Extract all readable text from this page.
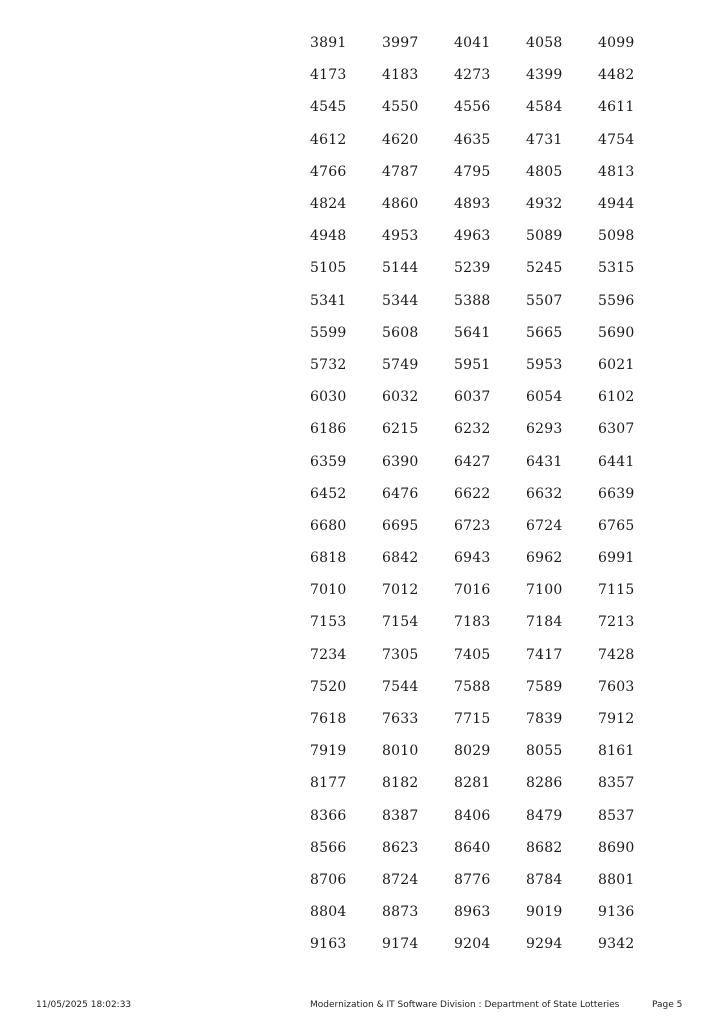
3891	3997	4041	4058	4099
4173	4183	4273	4399	4482
4545	4550	4556	4584	4611
4612	4620	4635	4731	4754
4766	4787	4795	4805	4813
4824	4860	4893	4932	4944
4948	4953	4963	5089	5098
5105	5144	5239	5245	5315
5341	5344	5388	5507	5596
5599	5608	5641	5665	5690
5732	5749	5951	5953	6021
6030	6032	6037	6054	6102
6186	6215	6232	6293	6307
6359	6390	6427	6431	6441
6452	6476	6622	6632	6639
6680	6695	6723	6724	6765
6818	6842	6943	6962	6991
7010	7012	7016	7100	7115
7153	7154	7183	7184	7213
7234	7305	7405	7417	7428
7520	7544	7588	7589	7603
7618	7633	7715	7839	7912
7919	8010	8029	8055	8161
8177	8182	8281	8286	8357
8366	8387	8406	8479	8537
8566	8623	8640	8682	8690
8706	8724	8776	8784	8801
8804	8873	8963	9019	9136
9163	9174	9204	9294	9342
11/05/2025 18:02:33	Modernization & IT Software Division : Department of State Lotteries	Page 5
